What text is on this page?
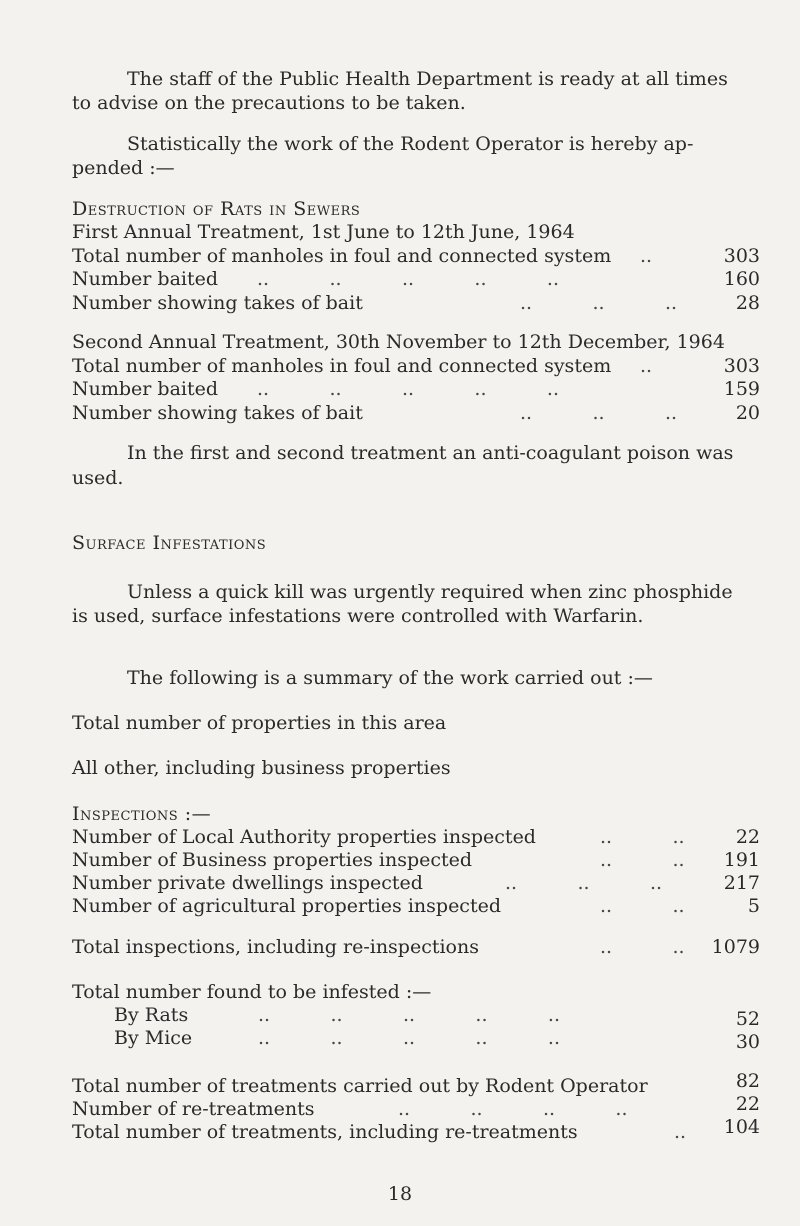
The staff of the Public Health Department is ready at all times
to advise on the precautions to be taken.
Statistically the work of the Rodent Operator is hereby ap-
pended :—
Destruction of Rats in Sewers
First Annual Treatment, 1st June to 12th June, 1964
Total number of manholes in foul and connected system ..	303
Number baited ..          ..          ..          ..          ..	160
Number showing takes of bait	..          ..          ..	28
Second Annual Treatment, 30th November to 12th December, 1964
Total number of manholes in foul and connected system ..	303
Number baited ..          ..          ..          ..          ..	159
Number showing takes of bait	..          ..          ..	20
In the first and second treatment an anti-coagulant poison was
used.
Surface Infestations
Unless a quick kill was urgently required when zinc phosphide
is used, surface infestations were controlled with Warfarin.
The following is a summary of the work carried out :—
Total number of properties in this area
All other, including business properties
Inspections :—
Number of Local Authority properties inspected	..          ..	22
Number of Business properties inspected	..          ..	191
Number private dwellings inspected	..          ..          ..	217
Number of agricultural properties inspected	..          ..	5
Total inspections, including re-inspections	..          ..	1079
Total number found to be infested :—
By Rats	..          ..          ..          ..          ..	52
By Mice	..          ..          ..          ..          ..	30
Total number of treatments carried out by Rodent Operator	82
Number of re-treatments	..          ..          ..          ..	22
Total number of treatments, including re-treatments	..	104
18
